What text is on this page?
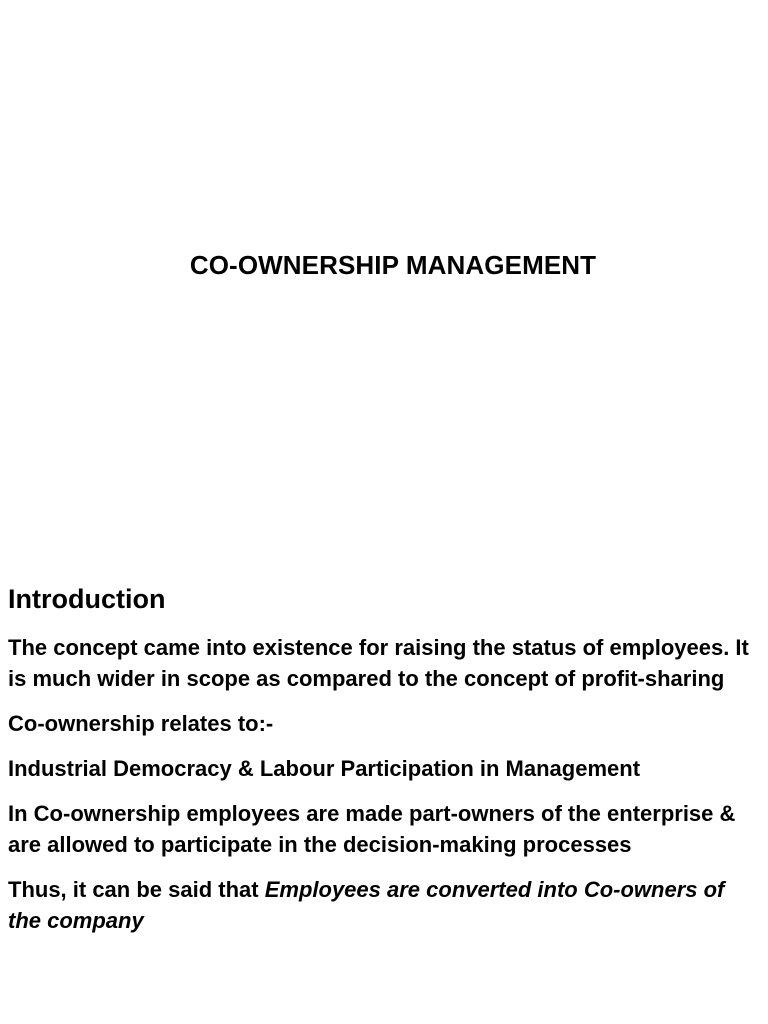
CO-OWNERSHIP MANAGEMENT
Introduction

The concept came into existence for raising the status of employees. It is much wider in scope as compared to the concept of profit-sharing

Co-ownership relates to:-

Industrial Democracy & Labour Participation in Management

In Co-ownership employees are made part-owners of the enterprise & are allowed to participate in the decision-making processes

Thus, it can be said that Employees are converted into Co-owners of the company
